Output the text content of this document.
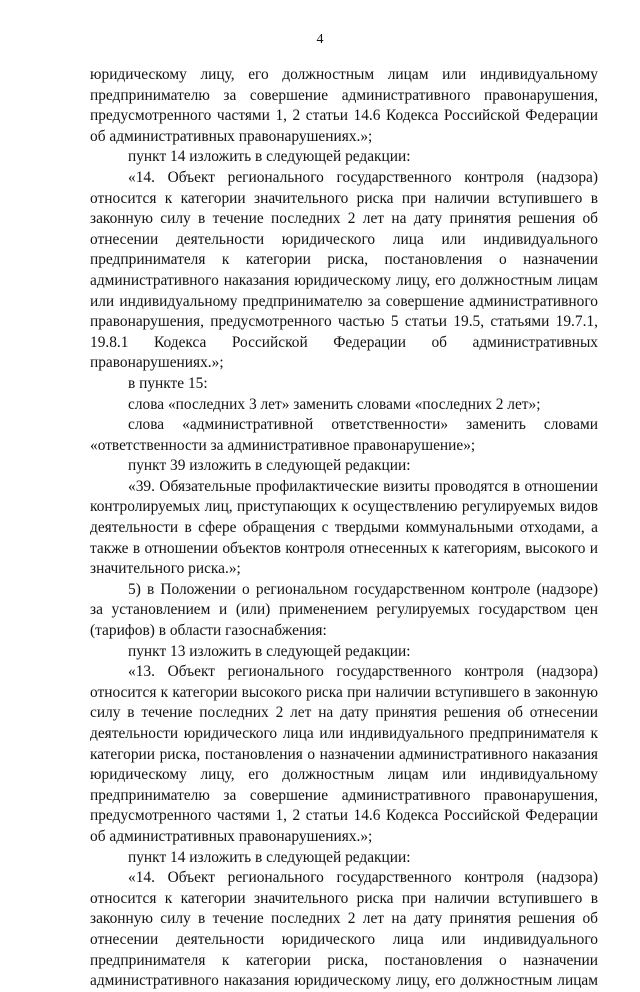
4

юридическому лицу, его должностным лицам или индивидуальному предпринимателю за совершение административного правонарушения, предусмотренного частями 1, 2 статьи 14.6 Кодекса Российской Федерации об административных правонарушениях.»;

пункт 14 изложить в следующей редакции:

«14. Объект регионального государственного контроля (надзора) относится к категории значительного риска при наличии вступившего в законную силу в течение последних 2 лет на дату принятия решения об отнесении деятельности юридического лица или индивидуального предпринимателя к категории риска, постановления о назначении административного наказания юридическому лицу, его должностным лицам или индивидуальному предпринимателю за совершение административного правонарушения, предусмотренного частью 5 статьи 19.5, статьями 19.7.1, 19.8.1 Кодекса Российской Федерации об административных правонарушениях.»;

в пункте 15:

слова «последних 3 лет» заменить словами «последних 2 лет»;

слова «административной ответственности» заменить словами «ответственности за административное правонарушение»;

пункт 39 изложить в следующей редакции:

«39. Обязательные профилактические визиты проводятся в отношении контролируемых лиц, приступающих к осуществлению регулируемых видов деятельности в сфере обращения с твердыми коммунальными отходами, а также в отношении объектов контроля отнесенных к категориям, высокого и значительного риска.»;

5) в Положении о региональном государственном контроле (надзоре) за установлением и (или) применением регулируемых государством цен (тарифов) в области газоснабжения:

пункт 13 изложить в следующей редакции:

«13. Объект регионального государственного контроля (надзора) относится к категории высокого риска при наличии вступившего в законную силу в течение последних 2 лет на дату принятия решения об отнесении деятельности юридического лица или индивидуального предпринимателя к категории риска, постановления о назначении административного наказания юридическому лицу, его должностным лицам или индивидуальному предпринимателю за совершение административного правонарушения, предусмотренного частями 1, 2 статьи 14.6 Кодекса Российской Федерации об административных правонарушениях.»;

пункт 14 изложить в следующей редакции:

«14. Объект регионального государственного контроля (надзора) относится к категории значительного риска при наличии вступившего в законную силу в течение последних 2 лет на дату принятия решения об отнесении деятельности юридического лица или индивидуального предпринимателя к категории риска, постановления о назначении административного наказания юридическому лицу, его должностным лицам
